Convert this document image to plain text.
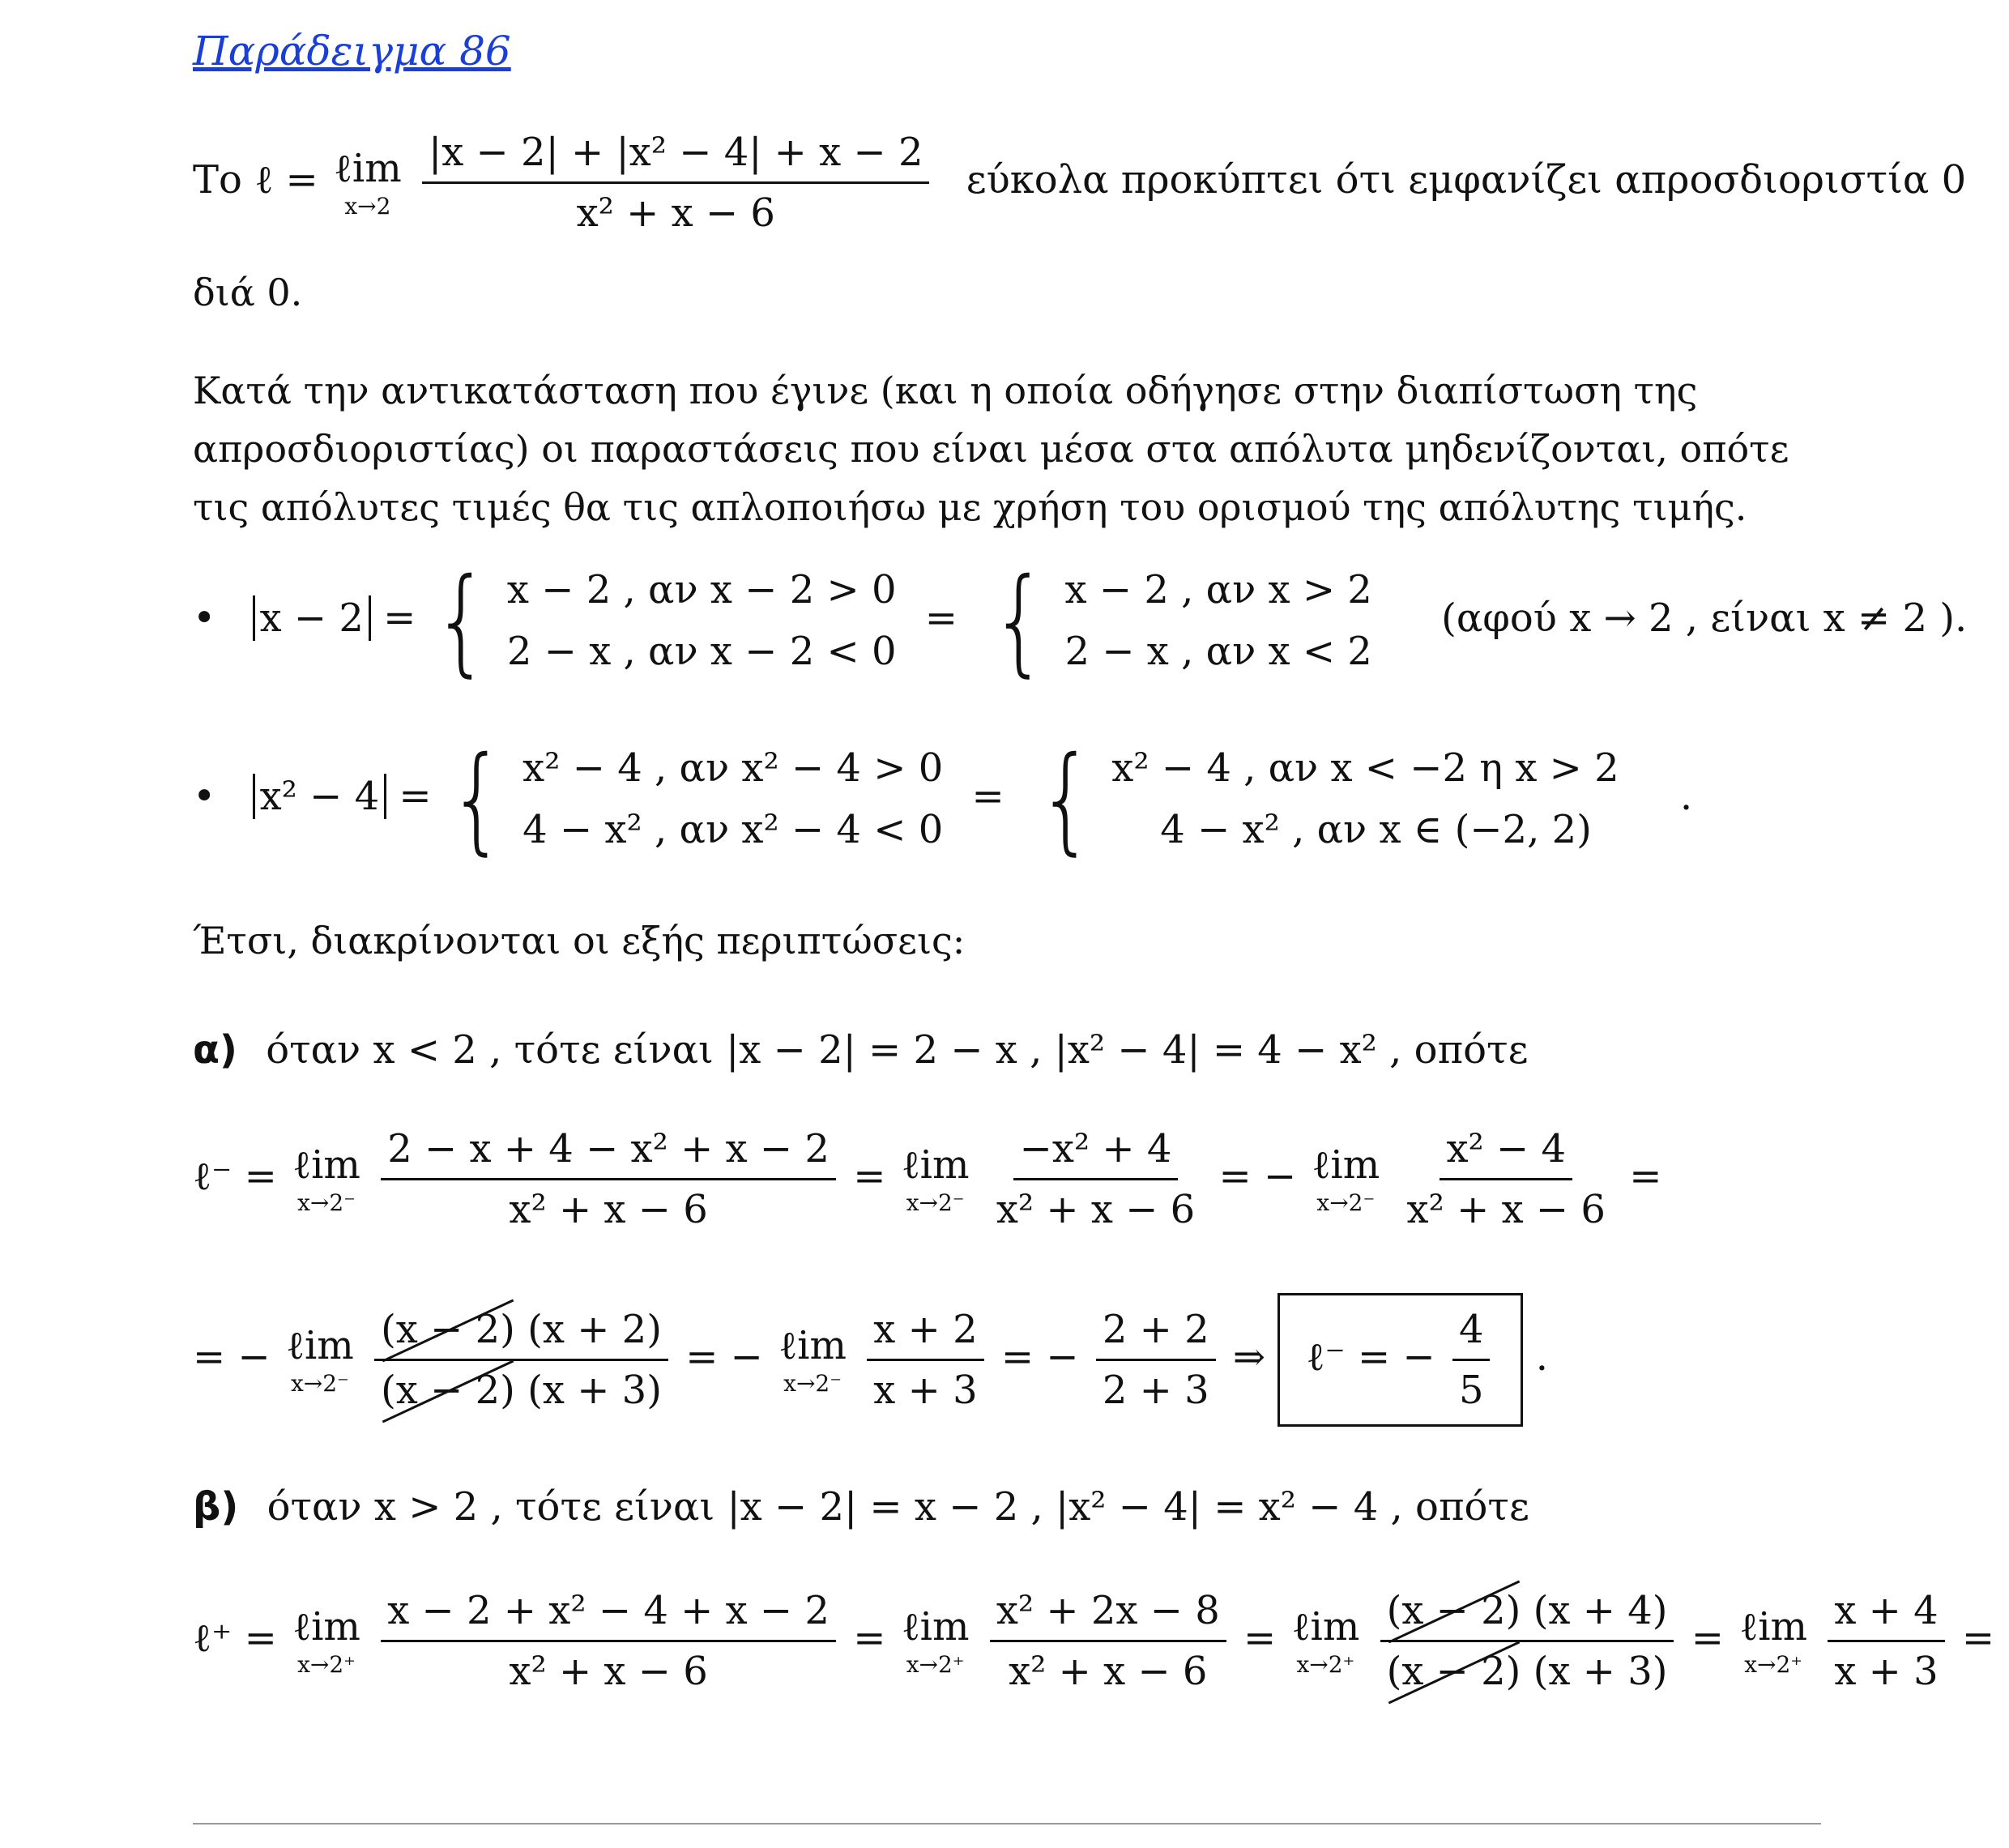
Παράδειγμα 86
Το ℓ = ℓim
x→2
$\frac{\text{|x − 2| + |x² − 4| + x − 2}}{\text{x² + x − 6}}$ εύκολα προκύπτει ότι εμφανίζει απροσδιοριστία 0
διά 0.
Κατά την αντικατάσταση που έγινε (και η οποία οδήγησε στην διαπίστωση της απροσδιοριστίας) οι παραστάσεις που είναι μέσα στα απόλυτα μηδενίζονται, οπότε τις απόλυτες τιμές θα τις απλοποιήσω με χρήση του ορισμού της απόλυτης τιμής.
• x − 2 = { x − 2 , αν x − 2 > 0
2 − x , αν x − 2 < 0
= { x − 2 , αν x > 2
2 − x , αν x < 2
(αφού x → 2 , είναι x ≠ 2 ).
• x² − 4 = { x² − 4 , αν x² − 4 > 0
4 − x² , αν x² − 4 < 0
= { x² − 4 , αν x < −2 η x > 2
4 − x² , αν x ∈ (−2, 2)
.
Έτσι, διακρίνονται οι εξής περιπτώσεις:
α) όταν x < 2 , τότε είναι |x − 2| = 2 − x , |x² − 4| = 4 − x² , οπότε
ℓ⁻ = ℓim
x→2⁻
$\frac{\text{2 − x + 4 − x² + x − 2}}{\text{x² + x − 6}}$ = ℓim
x→2⁻
$\frac{\text{−x² + 4}}{\text{x² + x − 6}}$ = − ℓim
x→2⁻
$\frac{\text{x² − 4}}{\text{x² + x − 6}}$ =
= − ℓim
x→2⁻
$\frac{(x - 2) (x + 2)}{(x - 2) (x + 3)}$ = − ℓim
x→2⁻
$\frac{x + 2}{x + 3}$ = − $\frac{2 + 2}{2 + 3}$ ⇒ ℓ⁻ = − $\frac{4}{5}$ .
β) όταν x > 2 , τότε είναι |x − 2| = x − 2 , |x² − 4| = x² − 4 , οπότε
ℓ⁺ = ℓim
x→2⁺
$\frac{\text{x − 2 + x² − 4 + x − 2}}{\text{x² + x − 6}}$ = ℓim
x→2⁺
$\frac{\text{x² + 2x − 8}}{\text{x² + x − 6}}$ = ℓim
x→2⁺
$\frac{(x - 2) (x + 4)}{(x - 2) (x + 3)}$ = ℓim
x→2⁺
$\frac{x + 4}{x + 3}$ =
